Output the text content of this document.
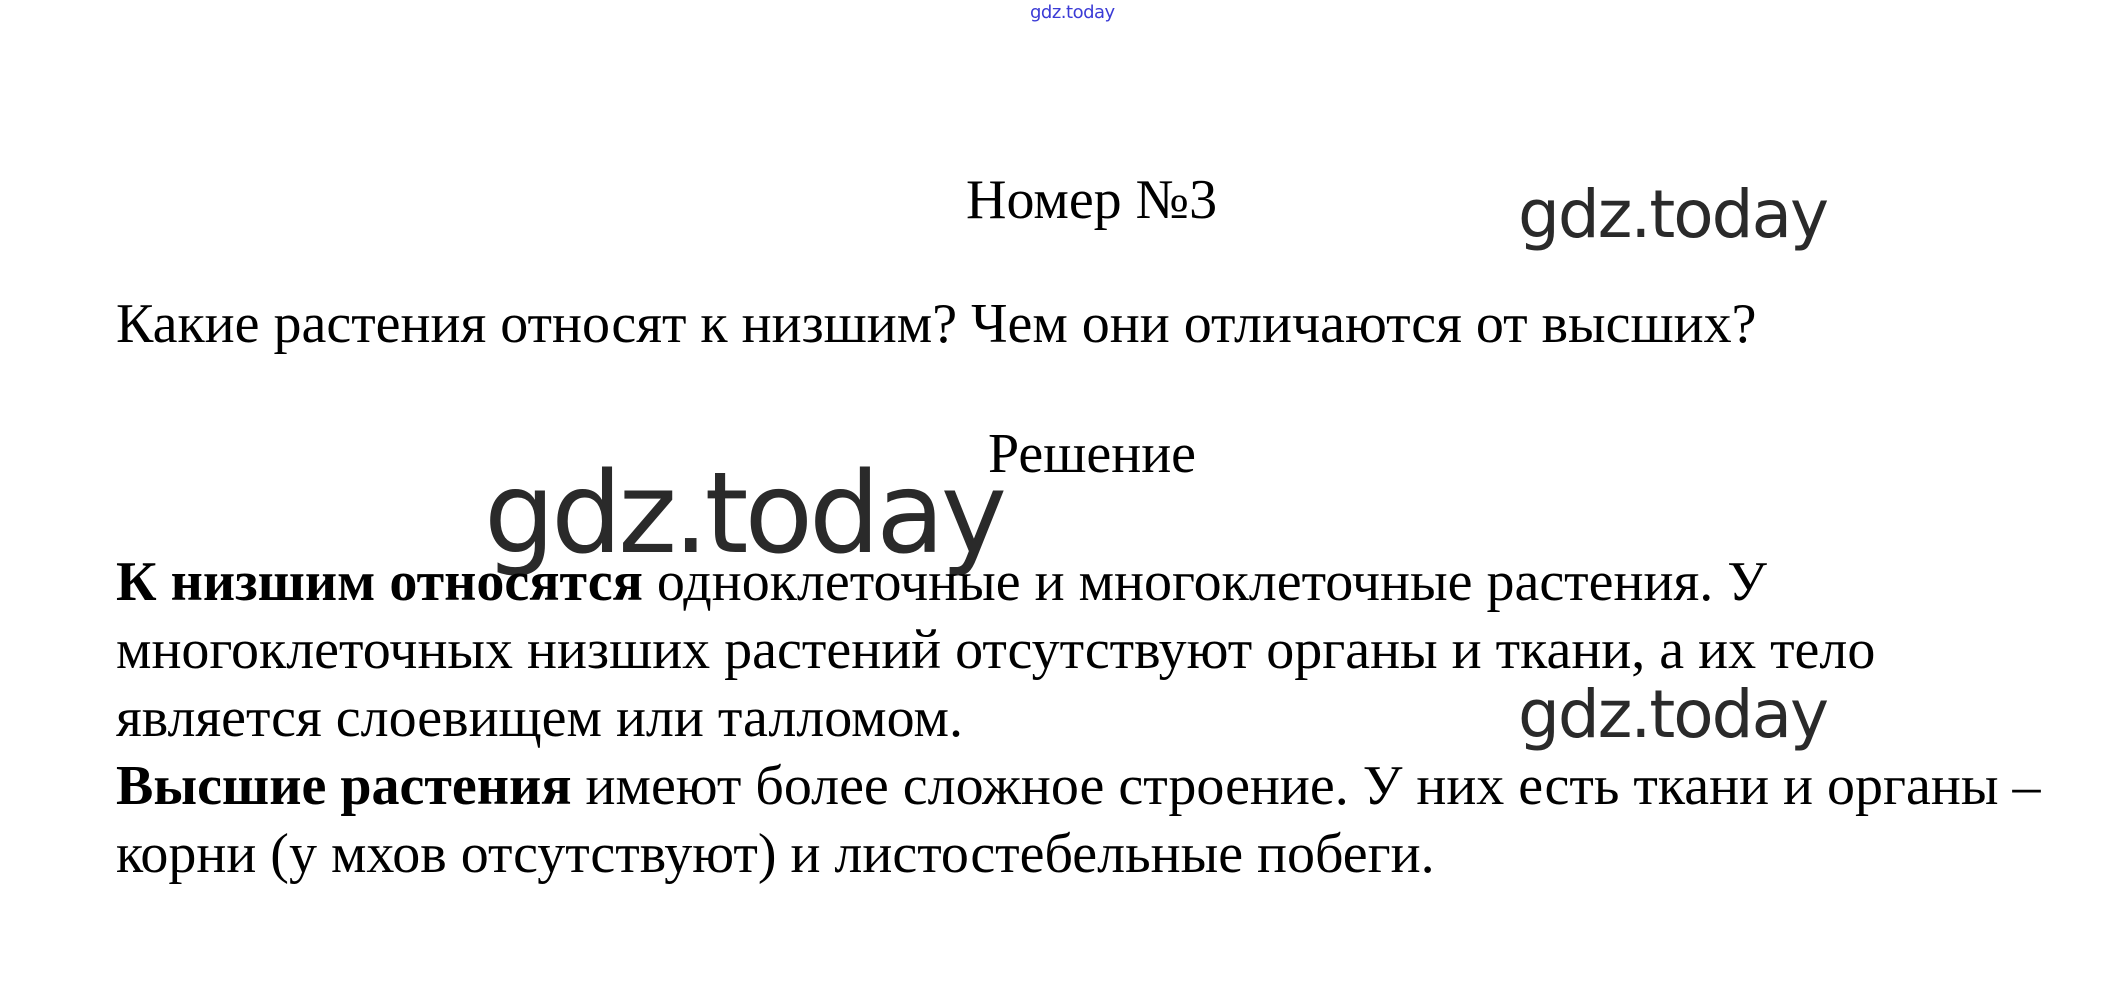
gdz.today
Номер №3	gdz.today
Какие растения относят к низшим? Чем они отличаются от высших?
Решение
gdz.today

К низшим относятся одноклеточные и многоклеточные растения. У многоклеточных низших растений отсутствуют органы и ткани, а их тело является слоевищем или талломом.

Высшие растения имеют более сложное строение. У них есть ткани и органы – корни (у мхов отсутствуют) и листостебельные побеги.

gdz.today
